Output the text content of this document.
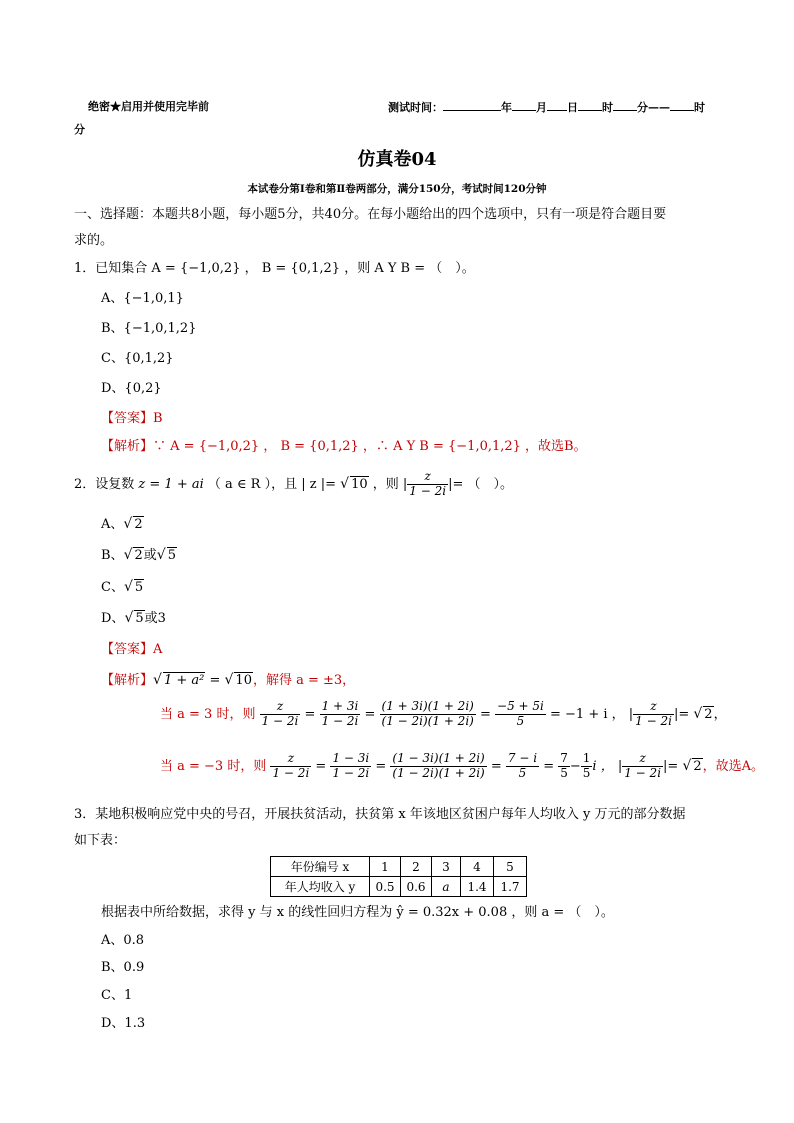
绝密★启用并使用完毕前	测试时间：	年 月 日 时 分—— 时
分
仿真卷04
本试卷分第Ⅰ卷和第Ⅱ卷两部分，满分150分，考试时间120分钟
一、选择题：本题共8小题，每小题5分，共40分。在每小题给出的四个选项中，只有一项是符合题目要
求的。
1．已知集合 A = {−1,0,2} ， B = {0,1,2} ，则 A Y B = （　）。
A、{−1,0,1}
B、{−1,0,1,2}
C、{0,1,2}
D、{0,2}
【答案】B
【解析】∵ A = {−1,0,2} ， B = {0,1,2} ，∴ A Y B = {−1,0,1,2} ，故选B。
2．设复数 z = 1 + ai （ a ∈ R ），且 | z |= √ 10 ，则 | $\frac{z}{1 - 2i}$ |= （　）。
A、√ 2
B、√ 2或√ 5
C、√ 5
D、√ 5或3
【答案】A
【解析】√ 1 + a² = √ 10，解得 a = ±3，
当 a = 3 时，则 $\frac{z}{1 - 2i} = \frac{1 + 3i}{1 - 2i} = \frac{(1 + 3i)(1 + 2i)}{(1 - 2i)(1 + 2i)} = \frac{-5 + 5i}{5} = -1 + i$ ， | $\frac{z}{1 - 2i}$ |= √ 2，
当 a = −3 时，则 $\frac{z}{1 - 2i} = \frac{1 - 3i}{1 - 2i} = \frac{(1 - 3i)(1 + 2i)}{(1 - 2i)(1 + 2i)} = \frac{7 - i}{5} = \frac{7}{5} - \frac{1}{5}$ i ， | $\frac{z}{1 - 2i}$ |= √ 2，故选A。
3．某地积极响应党中央的号召，开展扶贫活动，扶贫第 x 年该地区贫困户每年人均收入 y 万元的部分数据
如下表：
年份编号 x	1	2	3	4	5
年人均收入 y	0.5	0.6	a	1.4	1.7
根据表中所给数据，求得 y 与 x 的线性回归方程为 ŷ = 0.32x + 0.08 ，则 a = （　）。
A、0.8
B、0.9
C、1
D、1.3
